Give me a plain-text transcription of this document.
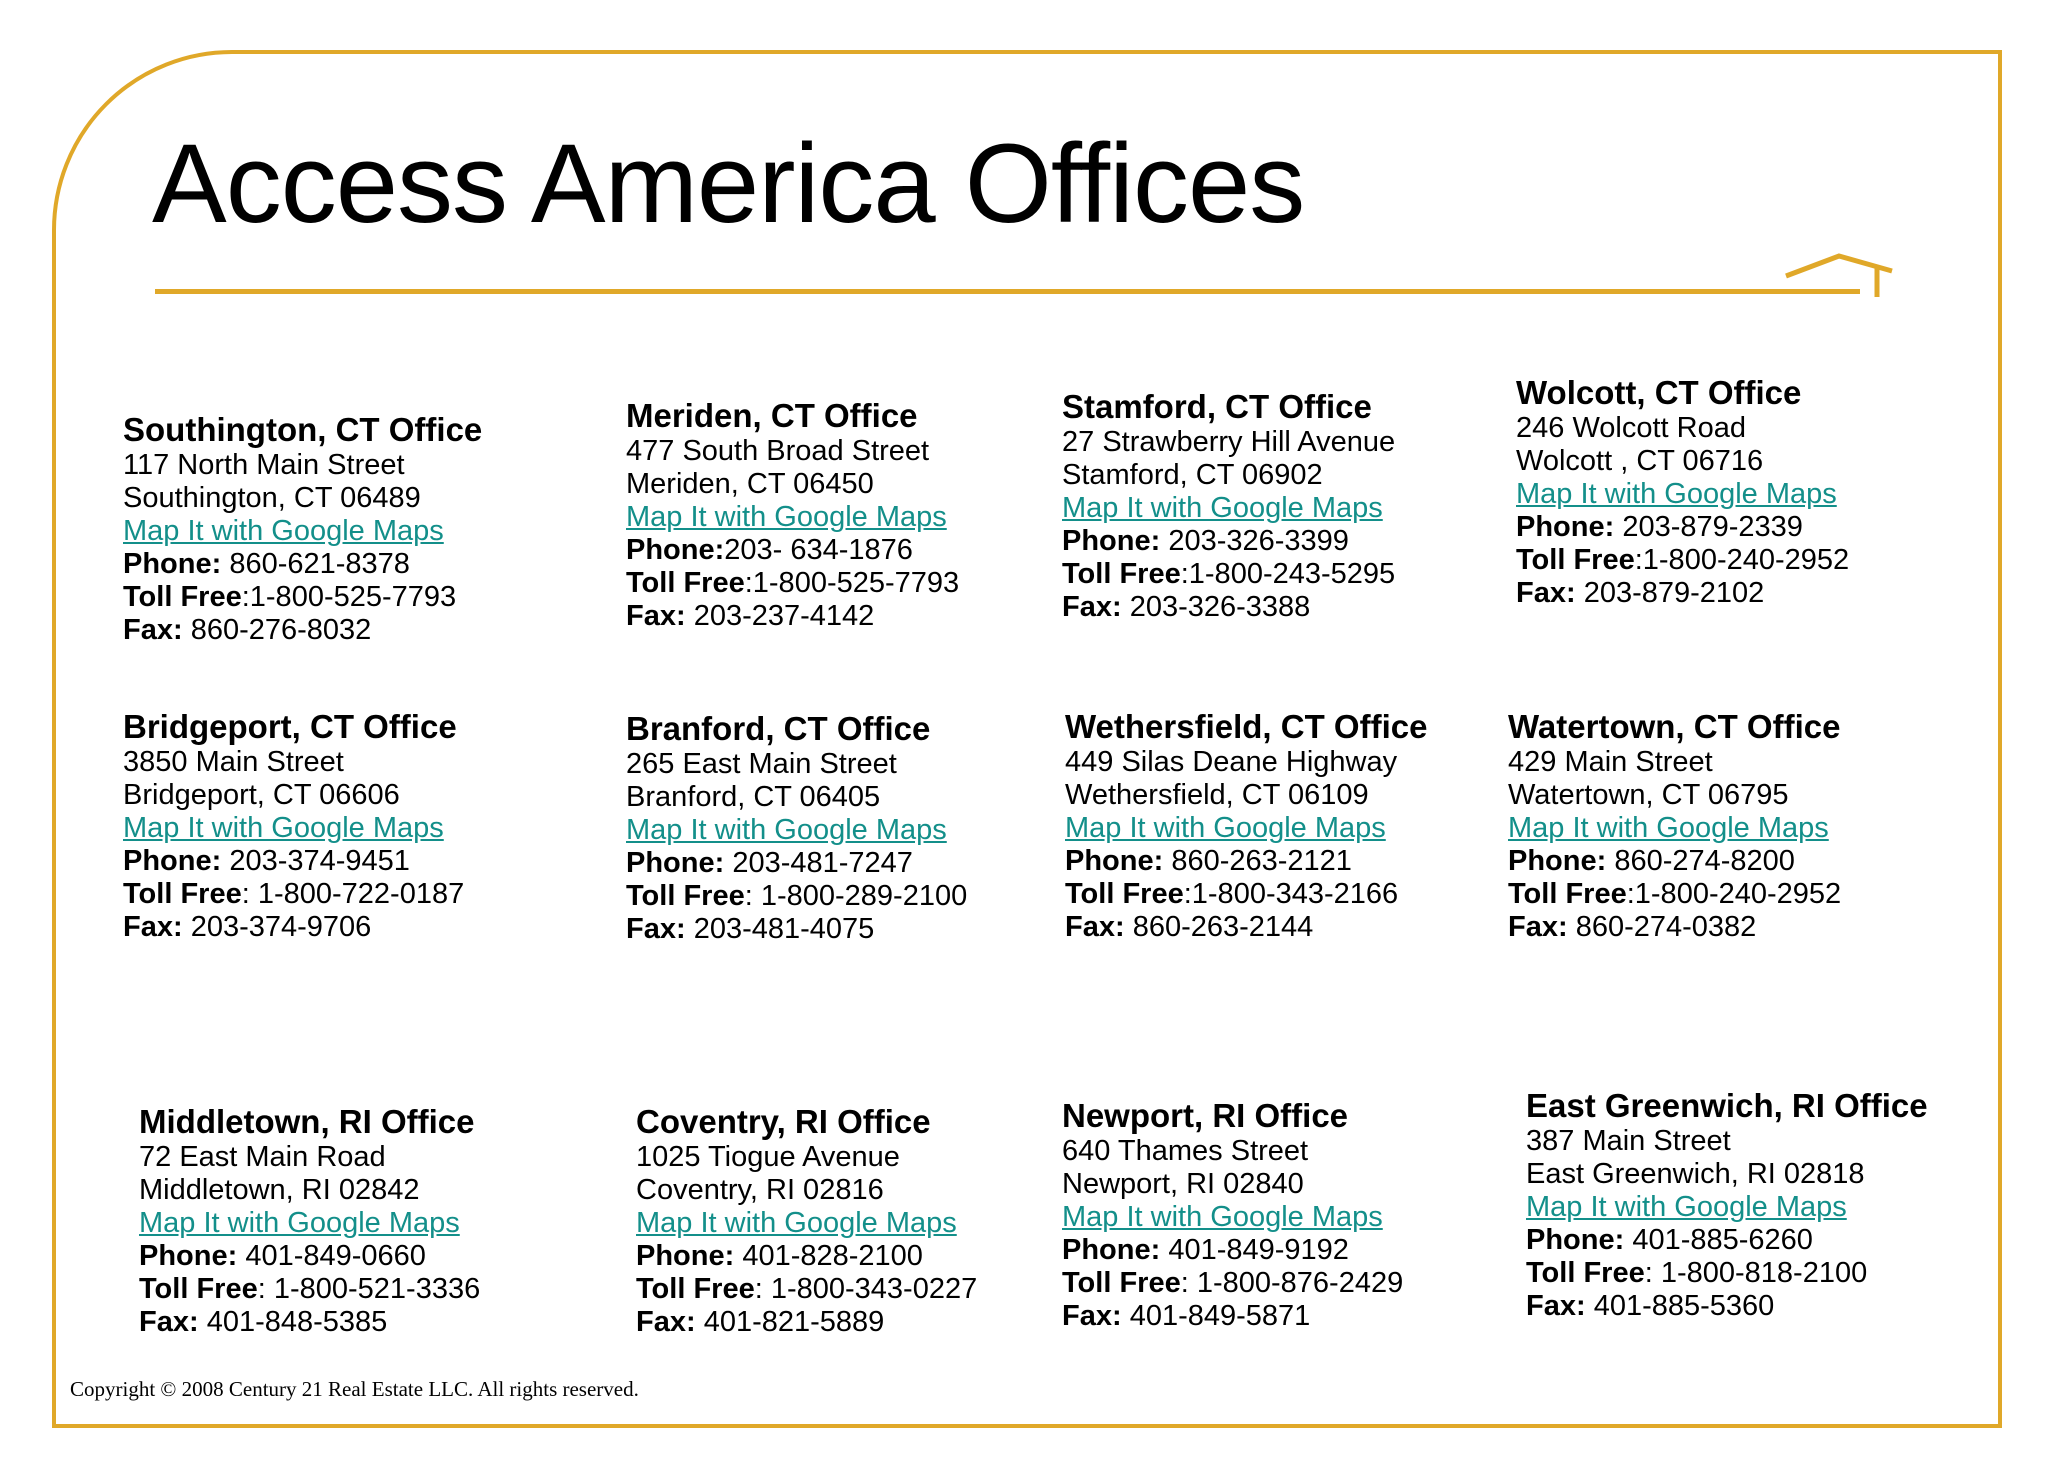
Access America Offices
Southington, CT Office
117 North Main Street
Southington, CT 06489
Map It with Google Maps
Phone: 860-621-8378
Toll Free:1-800-525-7793
Fax: 860-276-8032
Meriden, CT Office
477 South Broad Street
Meriden, CT 06450
Map It with Google Maps
Phone:203- 634-1876
Toll Free:1-800-525-7793
Fax: 203-237-4142
Stamford, CT Office
27 Strawberry Hill Avenue
Stamford, CT 06902
Map It with Google Maps
Phone: 203-326-3399
Toll Free:1-800-243-5295
Fax: 203-326-3388
Wolcott, CT Office
246 Wolcott Road
Wolcott , CT 06716
Map It with Google Maps
Phone: 203-879-2339
Toll Free:1-800-240-2952
Fax: 203-879-2102
Bridgeport, CT Office
3850 Main Street
Bridgeport, CT 06606
Map It with Google Maps
Phone: 203-374-9451
Toll Free: 1-800-722-0187
Fax: 203-374-9706
Branford, CT Office
265 East Main Street
Branford, CT 06405
Map It with Google Maps
Phone: 203-481-7247
Toll Free: 1-800-289-2100
Fax: 203-481-4075
Wethersfield, CT Office
449 Silas Deane Highway
Wethersfield, CT 06109
Map It with Google Maps
Phone: 860-263-2121
Toll Free:1-800-343-2166
Fax: 860-263-2144
Watertown, CT Office
429 Main Street
Watertown, CT 06795
Map It with Google Maps
Phone: 860-274-8200
Toll Free:1-800-240-2952
Fax: 860-274-0382
Middletown, RI Office
72 East Main Road
Middletown, RI 02842
Map It with Google Maps
Phone: 401-849-0660
Toll Free: 1-800-521-3336
Fax: 401-848-5385
Coventry, RI Office
1025 Tiogue Avenue
Coventry, RI 02816
Map It with Google Maps
Phone: 401-828-2100
Toll Free: 1-800-343-0227
Fax: 401-821-5889
Newport, RI Office
640 Thames Street
Newport, RI 02840
Map It with Google Maps
Phone: 401-849-9192
Toll Free: 1-800-876-2429
Fax: 401-849-5871
East Greenwich, RI Office
387 Main Street
East Greenwich, RI 02818
Map It with Google Maps
Phone: 401-885-6260
Toll Free: 1-800-818-2100
Fax: 401-885-5360
Copyright © 2008 Century 21 Real Estate LLC. All rights reserved.
